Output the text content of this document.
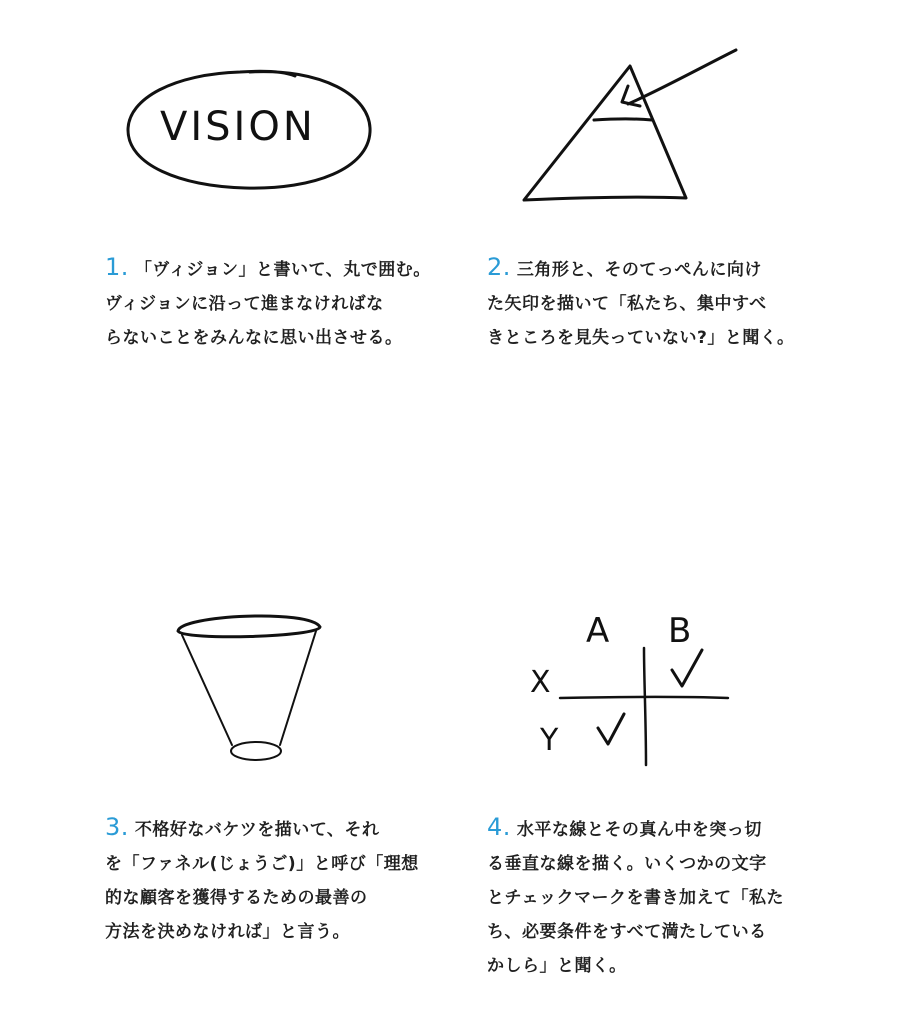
VISION
1. 「ヴィジョン」と書いて、丸で囲む。
ヴィジョンに沿って進まなければな
らないことをみんなに思い出させる。
2. 三角形と、そのてっぺんに向け
た矢印を描いて「私たち、集中すべ
きところを見失っていない?」と聞く。
3. 不格好なバケツを描いて、それ
を「ファネル(じょうご)」と呼び「理想
的な顧客を獲得するための最善の
方法を決めなければ」と言う。
A B
X
Y
4. 水平な線とその真ん中を突っ切
る垂直な線を描く。いくつかの文字
とチェックマークを書き加えて「私た
ち、必要条件をすべて満たしている
かしら」と聞く。
